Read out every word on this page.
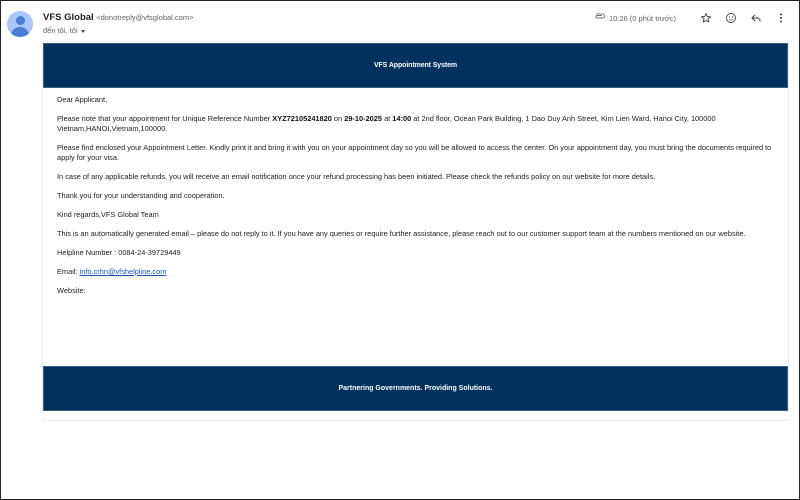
VFS Global <donotreply@vfsglobal.com>
đến tôi, tôi
10:26 (0 phút trước)
VFS Appointment System

Dear Applicant,

Please note that your appointment for Unique Reference Number XYZ72105241820 on 29-10-2025 at 14:00 at 2nd floor, Ocean Park Building, 1 Dao Duy Anh Street, Kim Lien Ward, Hanoi City, 100000 Vietnam,HANOI,Vietnam,100000.

Please find enclosed your Appointment Letter. Kindly print it and bring it with you on your appointment day so you will be allowed to access the center. On your appointment day, you must bring the documents required to apply for your visa.

In case of any applicable refunds, you will receive an email notification once your refund processing has been initiated. Please check the refunds policy on our website for more details.

Thank you for your understanding and cooperation.

Kind regards,VFS Global Team

This is an automatically generated email – please do not reply to it. If you have any queries or require further assistance, please reach out to our customer support team at the numbers mentioned on our website.

Helpline Number : 0084-24-39729449

Email: info.crhn@vfshelpline.com

Website:

Partnering Governments. Providing Solutions.
